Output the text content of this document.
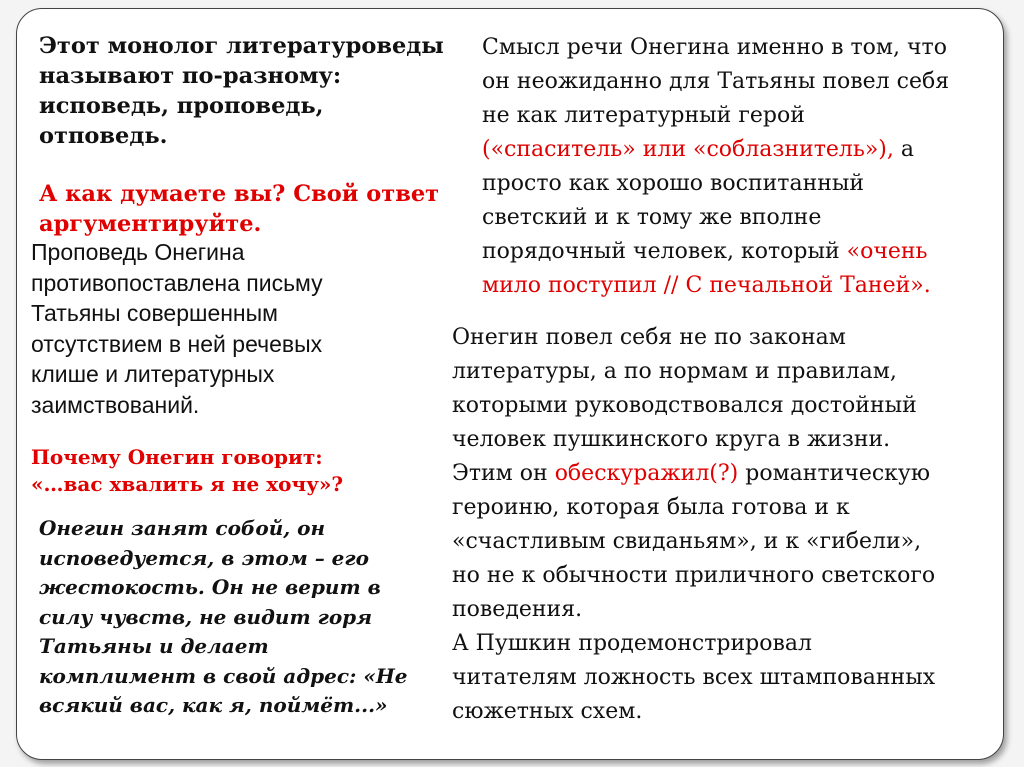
Этот монолог литературоведы

называют по-разному:

исповедь, проповедь,

отповедь.

А как думаете вы? Свой ответ

аргументируйте.

Проповедь Онегина

противопоставлена письму

Татьяны совершенным

отсутствием в ней речевых

клише и литературных

заимствований.

Почему Онегин говорит:

«…вас хвалить я не хочу»?

Онегин занят собой, он

исповедуется, в этом – его

жестокость. Он не верит в

силу чувств, не видит горя

Татьяны и делает

комплимент в свой адрес: «Не

всякий вас, как я, поймёт...»

Смысл речи Онегина именно в том, что

он неожиданно для Татьяны повел себя

не как литературный герой

(«спаситель» или «соблазнитель»), а

просто как хорошо воспитанный

светский и к тому же вполне

порядочный человек, который «очень

мило поступил // С печальной Таней».

Онегин повел себя не по законам

литературы, а по нормам и правилам,

которыми руководствовался достойный

человек пушкинского круга в жизни.

Этим он обескуражил(?) романтическую

героиню, которая была готова и к

«счастливым свиданьям», и к «гибели»,

но не к обычности приличного светского

поведения.

А Пушкин продемонстрировал

читателям ложность всех штампованных

сюжетных схем.
